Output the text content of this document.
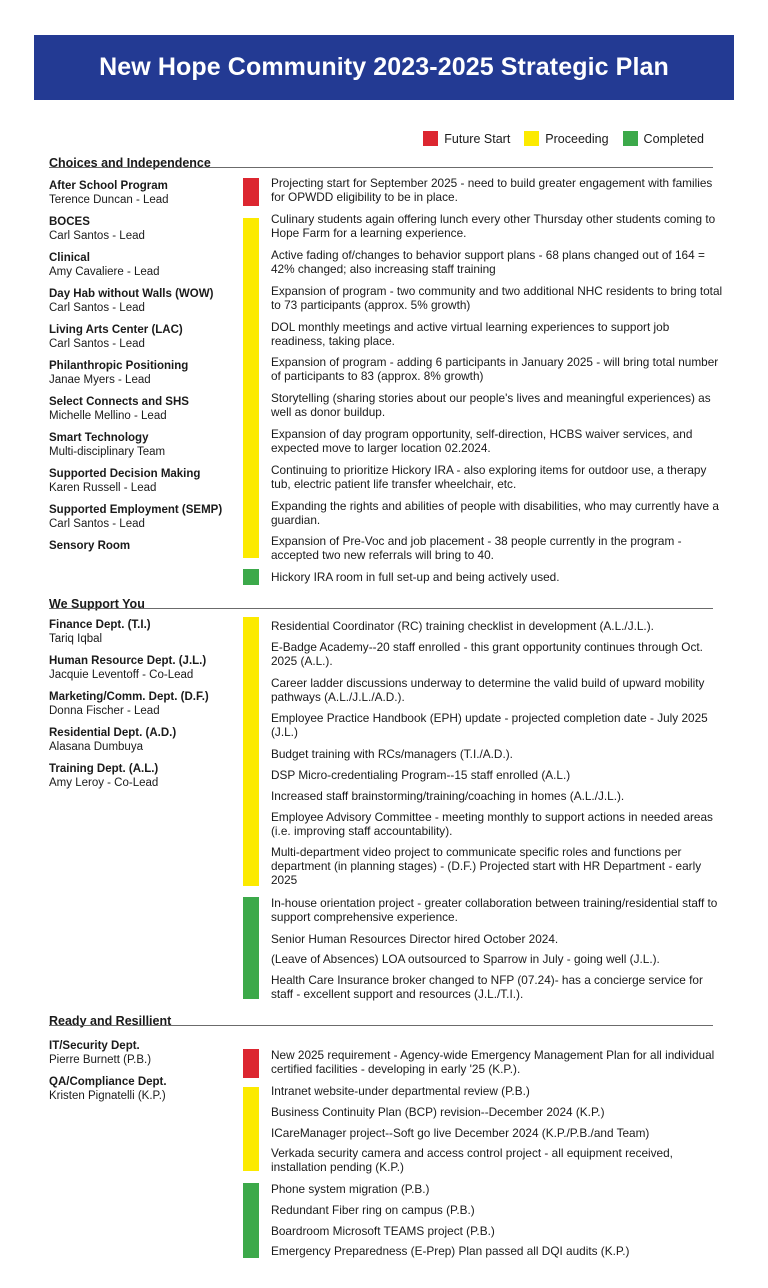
New Hope Community 2023-2025 Strategic Plan
Future Start	Proceeding	Completed
Choices and Independence
After School Program
Terence Duncan - Lead
BOCES
Carl Santos - Lead
Clinical
Amy Cavaliere - Lead
Day Hab without Walls (WOW)
Carl Santos - Lead
Living Arts Center (LAC)
Carl Santos - Lead
Philanthropic Positioning
Janae Myers - Lead
Select Connects and SHS
Michelle Mellino - Lead
Smart Technology
Multi-disciplinary Team
Supported Decision Making
Karen Russell - Lead
Supported Employment (SEMP)
Carl Santos - Lead
Sensory Room
Projecting start for September 2025 - need to build greater engagement with families for OPWDD eligibility to be in place.
Culinary students again offering lunch every other Thursday other students coming to Hope Farm for a learning experience.
Active fading of/changes to behavior support plans - 68 plans changed out of 164 = 42% changed; also increasing staff training
Expansion of program - two community and two additional NHC residents to bring total to 73 participants (approx. 5% growth)
DOL monthly meetings and active virtual learning experiences to support job readiness, taking place.
Expansion of program - adding 6 participants in January 2025 - will bring total number of participants to 83 (approx. 8% growth)
Storytelling (sharing stories about our people's lives and meaningful experiences) as well as donor buildup.
Expansion of day program opportunity, self-direction, HCBS waiver services, and expected move to larger location 02.2024.
Continuing to prioritize Hickory IRA - also exploring items for outdoor use, a therapy tub, electric patient life transfer wheelchair, etc.
Expanding the rights and abilities of people with disabilities, who may currently have a guardian.
Expansion of Pre-Voc and job placement - 38 people currently in the program - accepted two new referrals will bring to 40.
Hickory IRA room in full set-up and being actively used.
We Support You
Finance Dept. (T.I.)
Tariq Iqbal
Human Resource Dept. (J.L.)
Jacquie Leventoff - Co-Lead
Marketing/Comm. Dept. (D.F.)
Donna Fischer - Lead
Residential Dept. (A.D.)
Alasana Dumbuya
Training Dept. (A.L.)
Amy Leroy - Co-Lead
Residential Coordinator (RC) training checklist in development (A.L./J.L.).
E-Badge Academy--20 staff enrolled - this grant opportunity continues through Oct. 2025 (A.L.).
Career ladder discussions underway to determine the valid build of upward mobility pathways (A.L./J.L./A.D.).
Employee Practice Handbook (EPH) update - projected completion date - July 2025 (J.L.)
Budget training with RCs/managers (T.I./A.D.).
DSP Micro-credentialing Program--15 staff enrolled (A.L.)
Increased staff brainstorming/training/coaching in homes (A.L./J.L.).
Employee Advisory Committee - meeting monthly to support actions in needed areas (i.e. improving staff accountability).
Multi-department video project to communicate specific roles and functions per department (in planning stages) - (D.F.) Projected start with HR Department - early 2025
In-house orientation project - greater collaboration between training/residential staff to support comprehensive experience.
Senior Human Resources Director hired October 2024.
(Leave of Absences) LOA outsourced to Sparrow in July - going well (J.L.).
Health Care Insurance broker changed to NFP (07.24)- has a concierge service for staff - excellent support and resources (J.L./T.I.).
Ready and Resillient
IT/Security Dept.
Pierre Burnett (P.B.)
QA/Compliance Dept.
Kristen Pignatelli (K.P.)
New 2025 requirement - Agency-wide Emergency Management Plan for all individual certified facilities - developing in early '25 (K.P.).
Intranet website-under departmental review (P.B.)
Business Continuity Plan (BCP) revision--December 2024 (K.P.)
ICareManager project--Soft go live December 2024 (K.P./P.B./and Team)
Verkada security camera and access control project - all equipment received, installation pending (K.P.)
Phone system migration (P.B.)
Redundant Fiber ring on campus (P.B.)
Boardroom Microsoft TEAMS project (P.B.)
Emergency Preparedness (E-Prep) Plan passed all DQI audits (K.P.)
